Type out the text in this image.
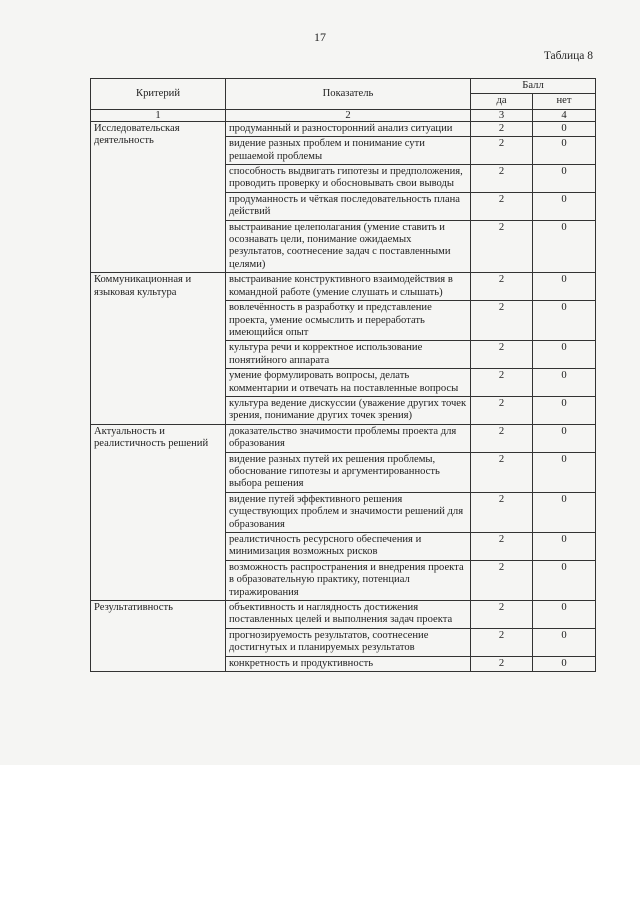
17
Таблица 8
Критерий	Показатель	Балл	
		да	нет
1	2	3	4
Исследовательская деятельность	продуманный и разносторонний анализ ситуации	2	0
	видение разных проблем и понимание сути решаемой проблемы	2	0
	способность выдвигать гипотезы и предположения, проводить проверку и обосновывать свои выводы	2	0
	продуманность и чёткая последовательность плана действий	2	0
	выстраивание целеполагания (умение ставить и осознавать цели, понимание ожидаемых результатов, соотнесение задач с поставленными целями)	2	0
Коммуникационная и языковая культура	выстраивание конструктивного взаимодействия в командной работе (умение слушать и слышать)	2	0
	вовлечённость в разработку и представление проекта, умение осмыслить и переработать имеющийся опыт	2	0
	культура речи и корректное использование понятийного аппарата	2	0
	умение формулировать вопросы, делать комментарии и отвечать на поставленные вопросы	2	0
	культура ведение дискуссии (уважение других точек зрения, понимание других точек зрения)	2	0
Актуальность и реалистичность решений	доказательство значимости проблемы проекта для образования	2	0
	видение разных путей их решения проблемы, обоснование гипотезы и аргументированность выбора решения	2	0
	видение путей эффективного решения существующих проблем и значимости решений для образования	2	0
	реалистичность ресурсного обеспечения и минимизация возможных рисков	2	0
	возможность распространения и внедрения проекта в образовательную практику, потенциал тиражирования	2	0
Результативность	объективность и наглядность достижения поставленных целей и выполнения задач проекта	2	0
	прогнозируемость результатов, соотнесение достигнутых и планируемых результатов	2	0
	конкретность и продуктивность	2	0
